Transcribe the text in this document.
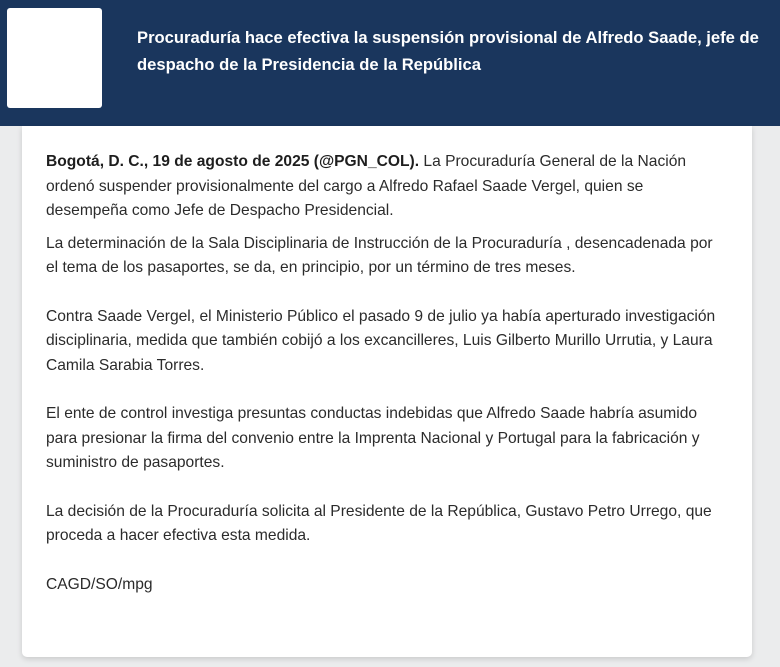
Procuraduría hace efectiva la suspensión provisional de Alfredo Saade, jefe de
despacho de la Presidencia de la República

Bogotá, D. C., 19 de agosto de 2025 (@PGN_COL). La Procuraduría General de la Nación
ordenó suspender provisionalmente del cargo a Alfredo Rafael Saade Vergel, quien se
desempeña como Jefe de Despacho Presidencial.

La determinación de la Sala Disciplinaria de Instrucción de la Procuraduría , desencadenada por
el tema de los pasaportes, se da, en principio, por un término de tres meses.

Contra Saade Vergel, el Ministerio Público el pasado 9 de julio ya había aperturado investigación
disciplinaria, medida que también cobijó a los excancilleres, Luis Gilberto Murillo Urrutia, y Laura
Camila Sarabia Torres.

El ente de control investiga presuntas conductas indebidas que Alfredo Saade habría asumido
para presionar la firma del convenio entre la Imprenta Nacional y Portugal para la fabricación y
suministro de pasaportes.

La decisión de la Procuraduría solicita al Presidente de la República, Gustavo Petro Urrego, que
proceda a hacer efectiva esta medida.

CAGD/SO/mpg
